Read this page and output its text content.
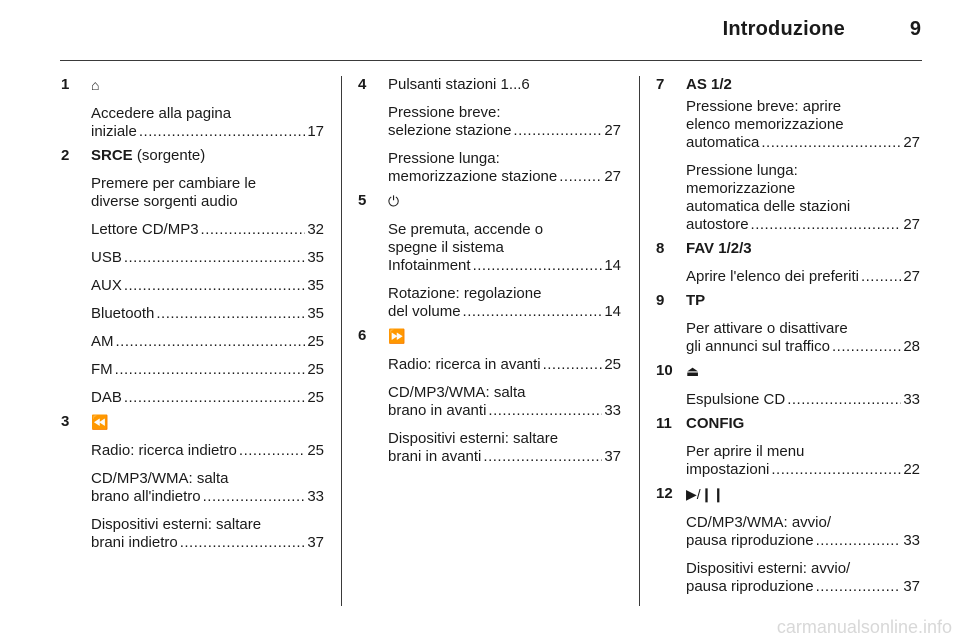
Introduzione	9
1 ⌂
Accedere alla pagina
iniziale .....	17
2 SRCE (sorgente)
Premere per cambiare le
diverse sorgenti audio
Lettore CD/MP3 .....	32
USB .....	35
AUX .....	35
Bluetooth .....	35
AM .....	25
FM .....	25
DAB .....	25
3 ⏪
Radio: ricerca indietro .....	25
CD/MP3/WMA: salta
brano all'indietro .....	33
Dispositivi esterni: saltare
brani indietro .....	37
4 Pulsanti stazioni 1...6
Pressione breve:
selezione stazione .....	27
Pressione lunga:
memorizzazione stazione .....	27
5 ⏻
Se premuta, accende o
spegne il sistema
Infotainment .....	14
Rotazione: regolazione
del volume .....	14
6 ⏩
Radio: ricerca in avanti .....	25
CD/MP3/WMA: salta
brano in avanti .....	33
Dispositivi esterni: saltare
brani in avanti .....	37
7 AS 1/2
Pressione breve: aprire
elenco memorizzazione
automatica .....	27
Pressione lunga:
memorizzazione
automatica delle stazioni
autostore .....	27
8 FAV 1/2/3
Aprire l'elenco dei preferiti .....	27
9 TP
Per attivare o disattivare
gli annunci sul traffico .....	28
10 ⏏
Espulsione CD .....	33
11 CONFIG
Per aprire il menu
impostazioni .....	22
12 ▶/❙❙
CD/MP3/WMA: avvio/
pausa riproduzione .....	33
Dispositivi esterni: avvio/
pausa riproduzione .....	37
carmanualsonline.info
